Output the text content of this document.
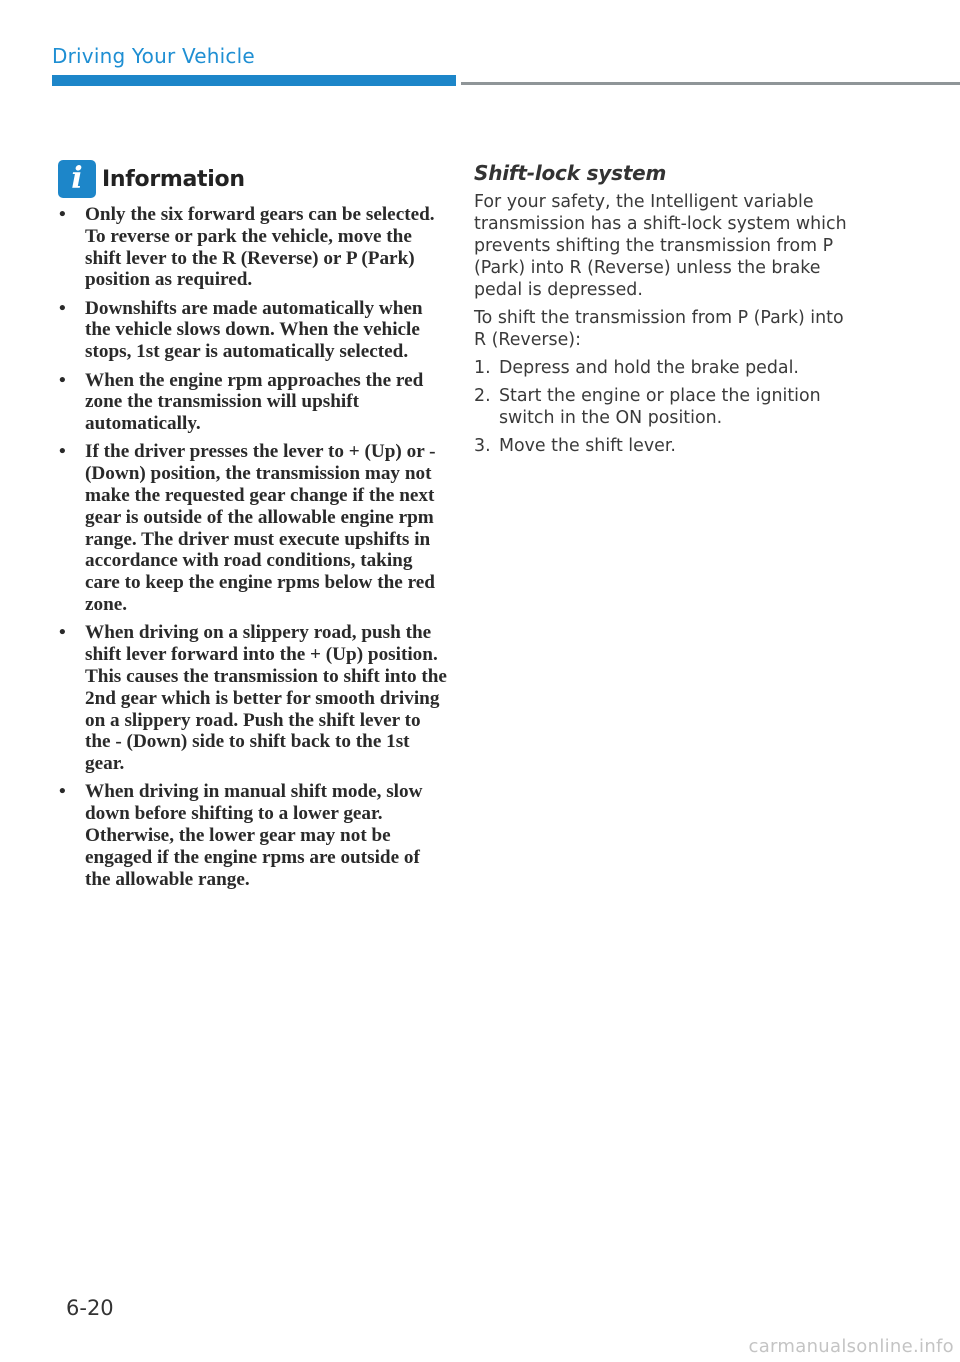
Driving Your Vehicle
i Information
• Only the six forward gears can be selected. To reverse or park the vehicle, move the shift lever to the R (Reverse) or P (Park) position as required.
• Downshifts are made automatically when the vehicle slows down. When the vehicle stops, 1st gear is automatically selected.
• When the engine rpm approaches the red zone the transmission will upshift automatically.
• If the driver presses the lever to + (Up) or - (Down) position, the transmission may not make the requested gear change if the next gear is outside of the allowable engine rpm range. The driver must execute upshifts in accordance with road conditions, taking care to keep the engine rpms below the red zone.
• When driving on a slippery road, push the shift lever forward into the + (Up) position. This causes the transmission to shift into the 2nd gear which is better for smooth driving on a slippery road. Push the shift lever to the - (Down) side to shift back to the 1st gear.
• When driving in manual shift mode, slow down before shifting to a lower gear. Otherwise, the lower gear may not be engaged if the engine rpms are outside of the allowable range.
Shift-lock system

For your safety, the Intelligent variable transmission has a shift-lock system which prevents shifting the transmission from P (Park) into R (Reverse) unless the brake pedal is depressed.

To shift the transmission from P (Park) into R (Reverse):

1. Depress and hold the brake pedal.
2. Start the engine or place the ignition switch in the ON position.
3. Move the shift lever.
6-20
carmanualsonline.info
